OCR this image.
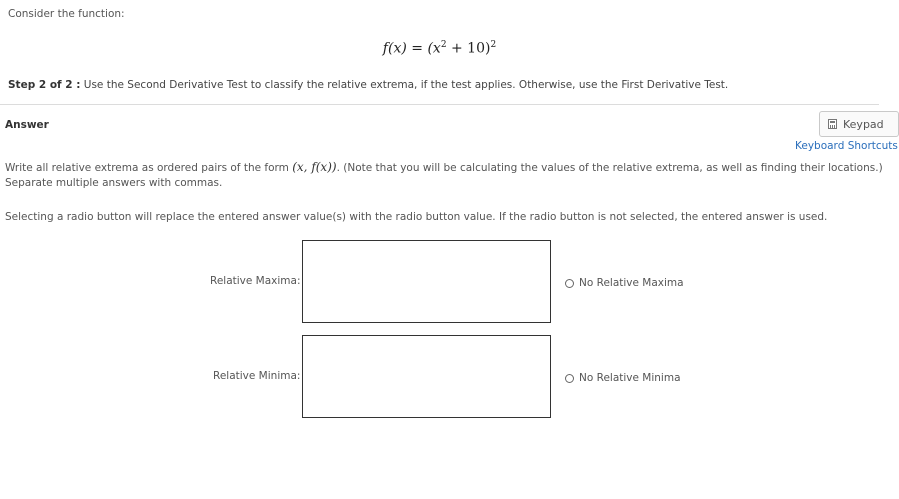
Consider the function:
$f(x) = (x^2 + 10)^2$
Step 2 of 2 : Use the Second Derivative Test to classify the relative extrema, if the test applies. Otherwise, use the First Derivative Test.
Answer	Keypad
Keyboard Shortcuts
Write all relative extrema as ordered pairs of the form (x, f(x)). (Note that you will be calculating the values of the relative extrema, as well as finding their locations.)
Separate multiple answers with commas.
Selecting a radio button will replace the entered answer value(s) with the radio button value. If the radio button is not selected, the entered answer is used.
Relative Maxima:	No Relative Maxima
Relative Minima:	No Relative Minima
